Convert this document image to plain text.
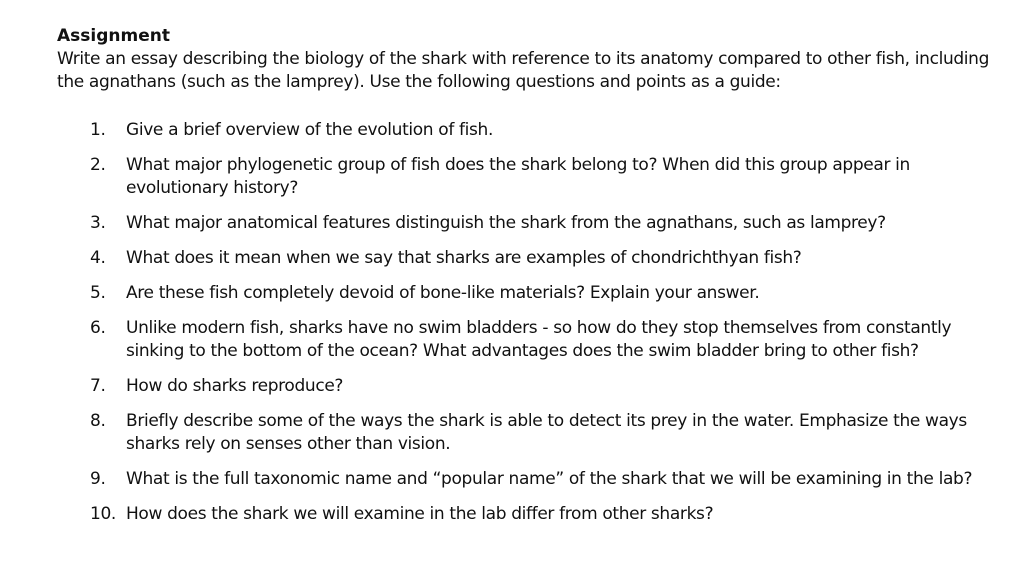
Assignment

Write an essay describing the biology of the shark with reference to its anatomy compared to other fish, including the agnathans (such as the lamprey). Use the following questions and points as a guide:

1.	Give a brief overview of the evolution of fish.
2.	What major phylogenetic group of fish does the shark belong to? When did this group appear in evolutionary history?
3.	What major anatomical features distinguish the shark from the agnathans, such as lamprey?
4.	What does it mean when we say that sharks are examples of chondrichthyan fish?
5.	Are these fish completely devoid of bone-like materials? Explain your answer.
6.	Unlike modern fish, sharks have no swim bladders - so how do they stop themselves from constantly sinking to the bottom of the ocean? What advantages does the swim bladder bring to other fish?
7.	How do sharks reproduce?
8.	Briefly describe some of the ways the shark is able to detect its prey in the water. Emphasize the ways sharks rely on senses other than vision.
9.	What is the full taxonomic name and “popular name” of the shark that we will be examining in the lab?
10. How does the shark we will examine in the lab differ from other sharks?
